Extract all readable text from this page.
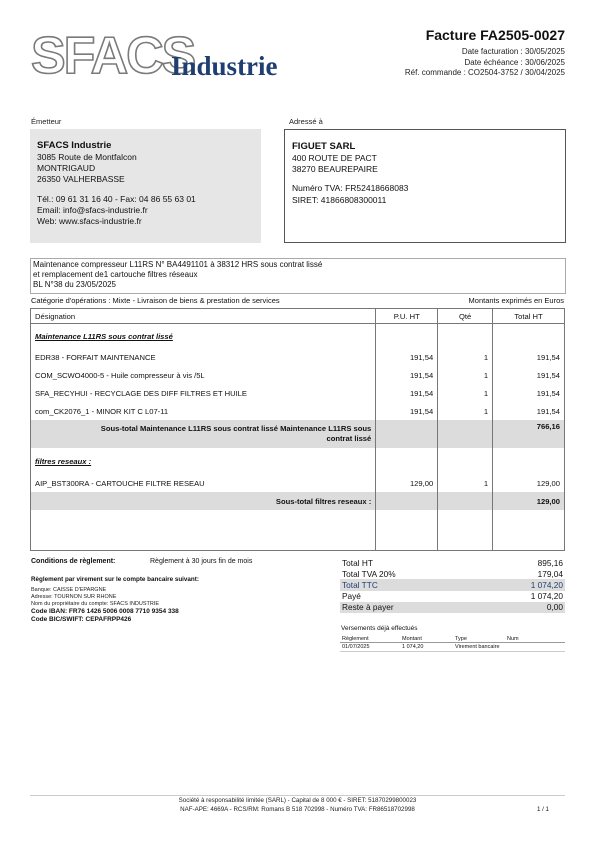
SFACS
Industrie
Facture FA2505-0027
Date facturation : 30/05/2025
Date échéance : 30/06/2025
Réf. commande : CO2504-3752 / 30/04/2025
Émetteur
SFACS Industrie
3085 Route de Montfalcon
MONTRIGAUD
26350 VALHERBASSE
Tél.: 09 61 31 16 40 - Fax: 04 86 55 63 01
Email: info@sfacs-industrie.fr
Web: www.sfacs-industrie.fr
Adressé à
FIGUET SARL
400 ROUTE DE PACT
38270 BEAUREPAIRE
Numéro TVA: FR52418668083
SIRET: 41866808300011
Maintenance compresseur L11RS N° BA4491101 à 38312 HRS sous contrat lissé
et remplacement de1 cartouche filtres réseaux
BL N°38 du 23/05/2025
Catégorie d'opérations : Mixte - Livraison de biens & prestation de services	Montants exprimés en Euros
Désignation	P.U. HT	Qté	Total HT
Maintenance L11RS sous contrat lissé			
EDR38 - FORFAIT MAINTENANCE	191,54	1	191,54
COM_SCWO4000-5 - Huile compresseur à vis /5L	191,54	1	191,54
SFA_RECYHUI - RECYCLAGE DES DIFF FILTRES ET HUILE	191,54	1	191,54
com_CK2076_1 - MINOR KIT C L07-11	191,54	1	191,54

Sous-total Maintenance L11RS sous contrat lissé Maintenance L11RS sous
contrat lissé			766,16
filtres reseaux :			
AIP_BST300RA - CARTOUCHE FILTRE RESEAU	129,00	1	129,00
Sous-total filtres reseaux :			129,00

Conditions de règlement:	Règlement à 30 jours fin de mois
Règlement par virement sur le compte bancaire suivant:
Banque: CAISSE D'EPARGNE
Adresse: TOURNON SUR RHONE
Nom du propriétaire du compte: SFACS INDUSTRIE
Code IBAN: FR76 1426 5006 0008 7710 9354 338
Code BIC/SWIFT: CEPAFRPP426
Total HT	895,16
Total TVA 20%	179,04
Total TTC	1 074,20
Payé	1 074,20
Reste à payer	0,00
Versements déjà effectués
Règlement	Montant	Type	Num
01/07/2025	1 074,20	Virement bancaire	
Société à responsabilité limitée (SARL) - Capital de 8 000 € - SIRET: 51870299800023
NAF-APE: 4669A - RCS/RM: Romans B 518 702998 - Numéro TVA: FR86518702998	1 / 1
